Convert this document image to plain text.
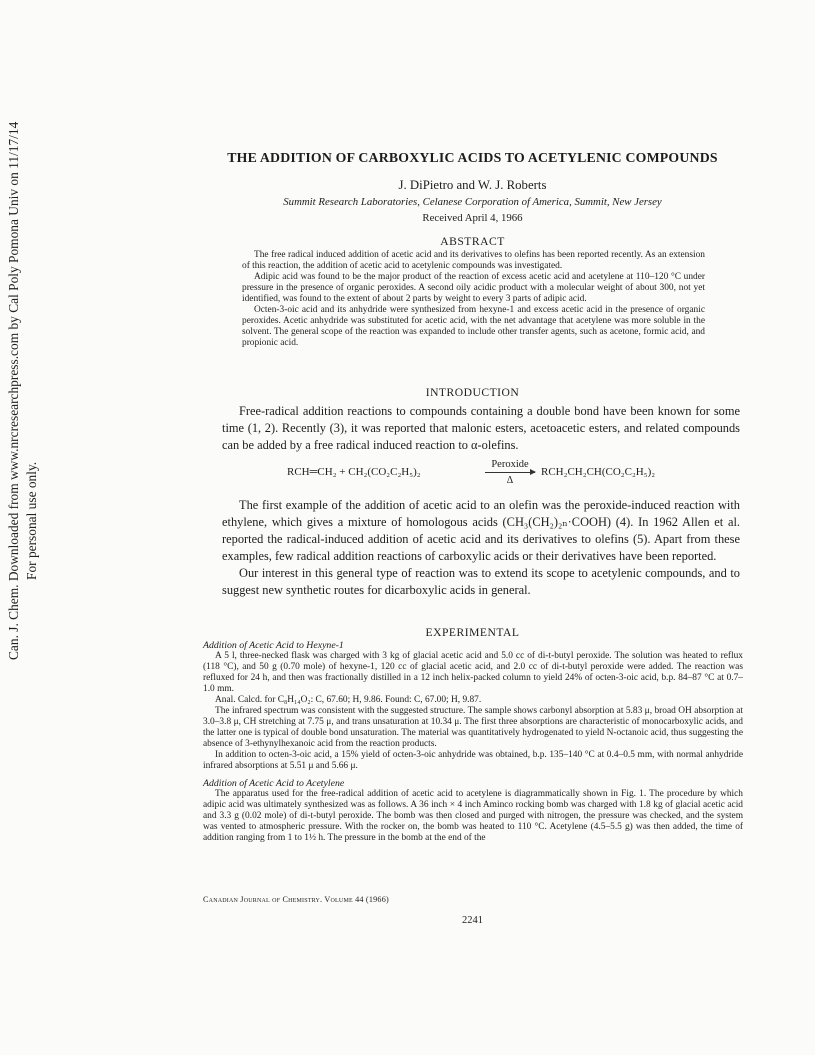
Can. J. Chem. Downloaded from www.nrcresearchpress.com by Cal Poly Pomona Univ on 11/17/14 For personal use only.
THE ADDITION OF CARBOXYLIC ACIDS TO ACETYLENIC COMPOUNDS
J. DiPietro and W. J. Roberts
Summit Research Laboratories, Celanese Corporation of America, Summit, New Jersey
Received April 4, 1966
ABSTRACT

The free radical induced addition of acetic acid and its derivatives to olefins has been reported recently. As an extension of this reaction, the addition of acetic acid to acetylenic compounds was investigated.

Adipic acid was found to be the major product of the reaction of excess acetic acid and acetylene at 110–120 °C under pressure in the presence of organic peroxides. A second oily acidic product with a molecular weight of about 300, not yet identified, was found to the extent of about 2 parts by weight to every 3 parts of adipic acid.

Octen-3-oic acid and its anhydride were synthesized from hexyne-1 and excess acetic acid in the presence of organic peroxides. Acetic anhydride was substituted for acetic acid, with the net advantage that acetylene was more soluble in the solvent. The general scope of the reaction was expanded to include other transfer agents, such as acetone, formic acid, and propionic acid.

INTRODUCTION

Free-radical addition reactions to compounds containing a double bond have been known for some time (1, 2). Recently (3), it was reported that malonic esters, acetoacetic esters, and related compounds can be added by a free radical induced reaction to α-olefins.

RCH═CH₂ + CH₂(CO₂C₂H₅)₂
Peroxide
Δ
RCH₂CH₂CH(CO₂C₂H₅)₂

The first example of the addition of acetic acid to an olefin was the peroxide-induced reaction with ethylene, which gives a mixture of homologous acids (CH₃(CH₂)₂ₙ·COOH) (4). In 1962 Allen et al. reported the radical-induced addition of acetic acid and its derivatives to olefins (5). Apart from these examples, few radical addition reactions of carboxylic acids or their derivatives have been reported.

Our interest in this general type of reaction was to extend its scope to acetylenic compounds, and to suggest new synthetic routes for dicarboxylic acids in general.

EXPERIMENTAL

Addition of Acetic Acid to Hexyne-1

A 5 l, three-necked flask was charged with 3 kg of glacial acetic acid and 5.0 cc of di-t-butyl peroxide. The solution was heated to reflux (118 °C), and 50 g (0.70 mole) of hexyne-1, 120 cc of glacial acetic acid, and 2.0 cc of di-t-butyl peroxide were added. The reaction was refluxed for 24 h, and then was fractionally distilled in a 12 inch helix-packed column to yield 24% of octen-3-oic acid, b.p. 84–87 °C at 0.7–1.0 mm.

Anal. Calcd. for C₈H₁₄O₂: C, 67.60; H, 9.86. Found: C, 67.00; H, 9.87.

The infrared spectrum was consistent with the suggested structure. The sample shows carbonyl absorption at 5.83 μ, broad OH absorption at 3.0–3.8 μ, CH stretching at 7.75 μ, and trans unsaturation at 10.34 μ. The first three absorptions are characteristic of monocarboxylic acids, and the latter one is typical of double bond unsaturation. The material was quantitatively hydrogenated to yield N-octanoic acid, thus suggesting the absence of 3-ethynylhexanoic acid from the reaction products.

In addition to octen-3-oic acid, a 15% yield of octen-3-oic anhydride was obtained, b.p. 135–140 °C at 0.4–0.5 mm, with normal anhydride infrared absorptions at 5.51 μ and 5.66 μ.

Addition of Acetic Acid to Acetylene

The apparatus used for the free-radical addition of acetic acid to acetylene is diagrammatically shown in Fig. 1. The procedure by which adipic acid was ultimately synthesized was as follows. A 36 inch × 4 inch Aminco rocking bomb was charged with 1.8 kg of glacial acetic acid and 3.3 g (0.02 mole) of di-t-butyl peroxide. The bomb was then closed and purged with nitrogen, the pressure was checked, and the system was vented to atmospheric pressure. With the rocker on, the bomb was heated to 110 °C. Acetylene (4.5–5.5 g) was then added, the time of addition ranging from 1 to 1½ h. The pressure in the bomb at the end of the

Canadian Journal of Chemistry. Volume 44 (1966)
2241
